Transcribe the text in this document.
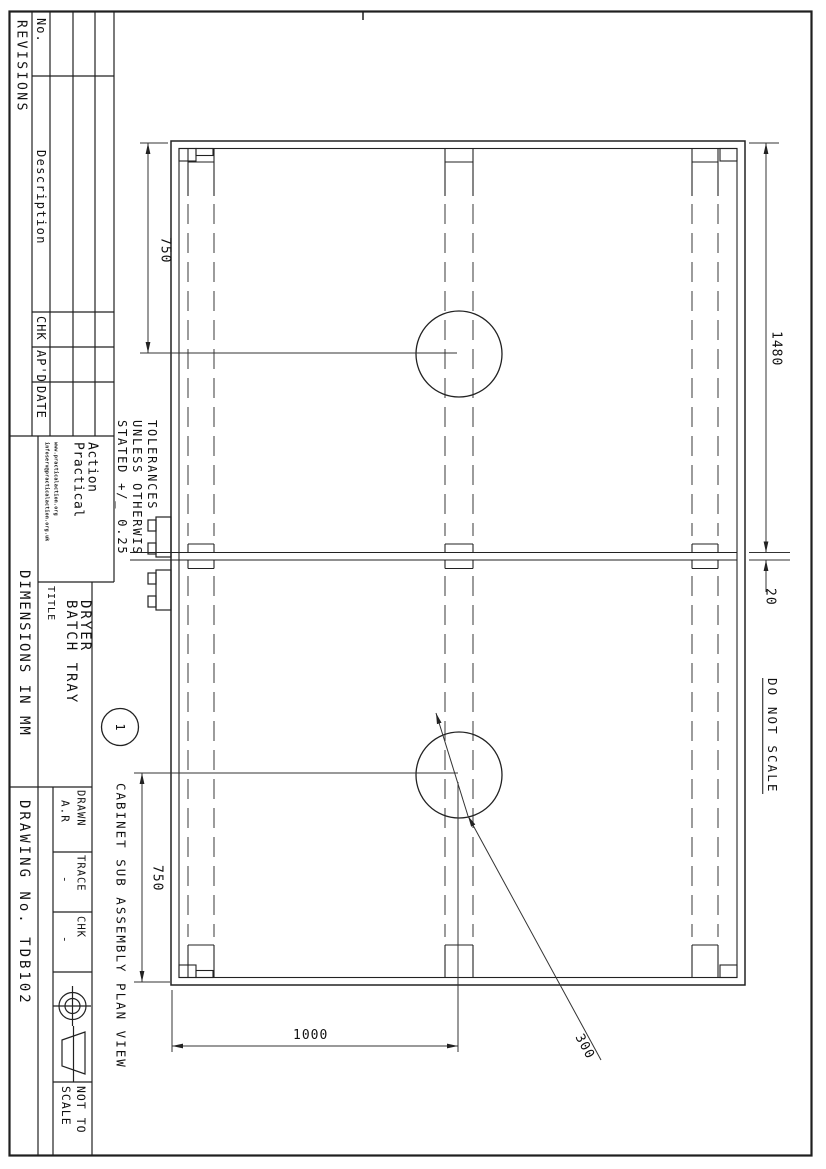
REVISIONS No.
Description
CHK
AP'D
DATE
Practical Action
www.practicalaction.org
infoserv@practicalaction.org.uk	TOLERANCES
UNLESS OTHERWIS
STATED +/_ 0.25
TITLE BATCH TRAY
DRYER
DIMENSIONS IN MM
DRAWING No. TDB102	DRAWN
A.R
TRACE
-
CHK
-
NOT TO
SCALE
1
CABINET SUB ASSEMBLY PLAN VIEW
DO NOT SCALE
750
1480
20
750
1000	300
